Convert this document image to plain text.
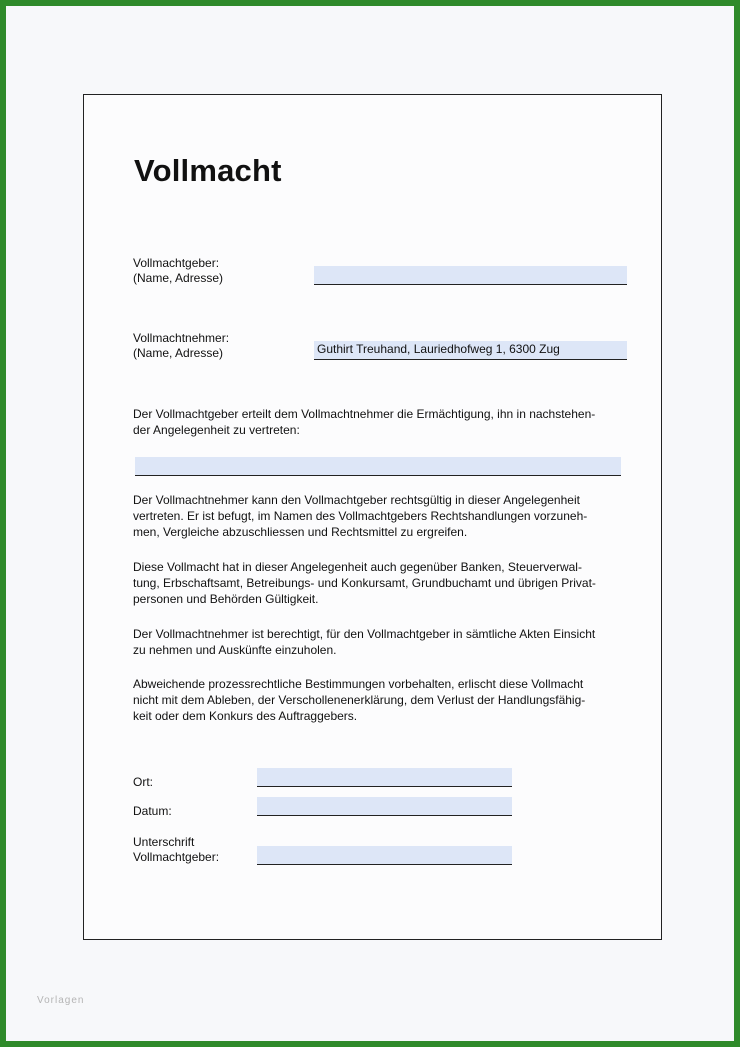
Vollmacht
Vollmachtgeber:
(Name, Adresse)
Vollmachtnehmer:
(Name, Adresse)	Guthirt Treuhand, Lauriedhofweg 1, 6300 Zug
Der Vollmachtgeber erteilt dem Vollmachtnehmer die Ermächtigung, ihn in nachstehen-
der Angelegenheit zu vertreten:
Der Vollmachtnehmer kann den Vollmachtgeber rechtsgültig in dieser Angelegenheit
vertreten. Er ist befugt, im Namen des Vollmachtgebers Rechtshandlungen vorzuneh-
men, Vergleiche abzuschliessen und Rechtsmittel zu ergreifen.
Diese Vollmacht hat in dieser Angelegenheit auch gegenüber Banken, Steuerverwal-
tung, Erbschaftsamt, Betreibungs- und Konkursamt, Grundbuchamt und übrigen Privat-
personen und Behörden Gültigkeit.
Der Vollmachtnehmer ist berechtigt, für den Vollmachtgeber in sämtliche Akten Einsicht
zu nehmen und Auskünfte einzuholen.
Abweichende prozessrechtliche Bestimmungen vorbehalten, erlischt diese Vollmacht
nicht mit dem Ableben, der Verschollenenerklärung, dem Verlust der Handlungsfähig-
keit oder dem Konkurs des Auftraggebers.
Ort:
Datum:
Unterschrift
Vollmachtgeber:
Vorlagen
